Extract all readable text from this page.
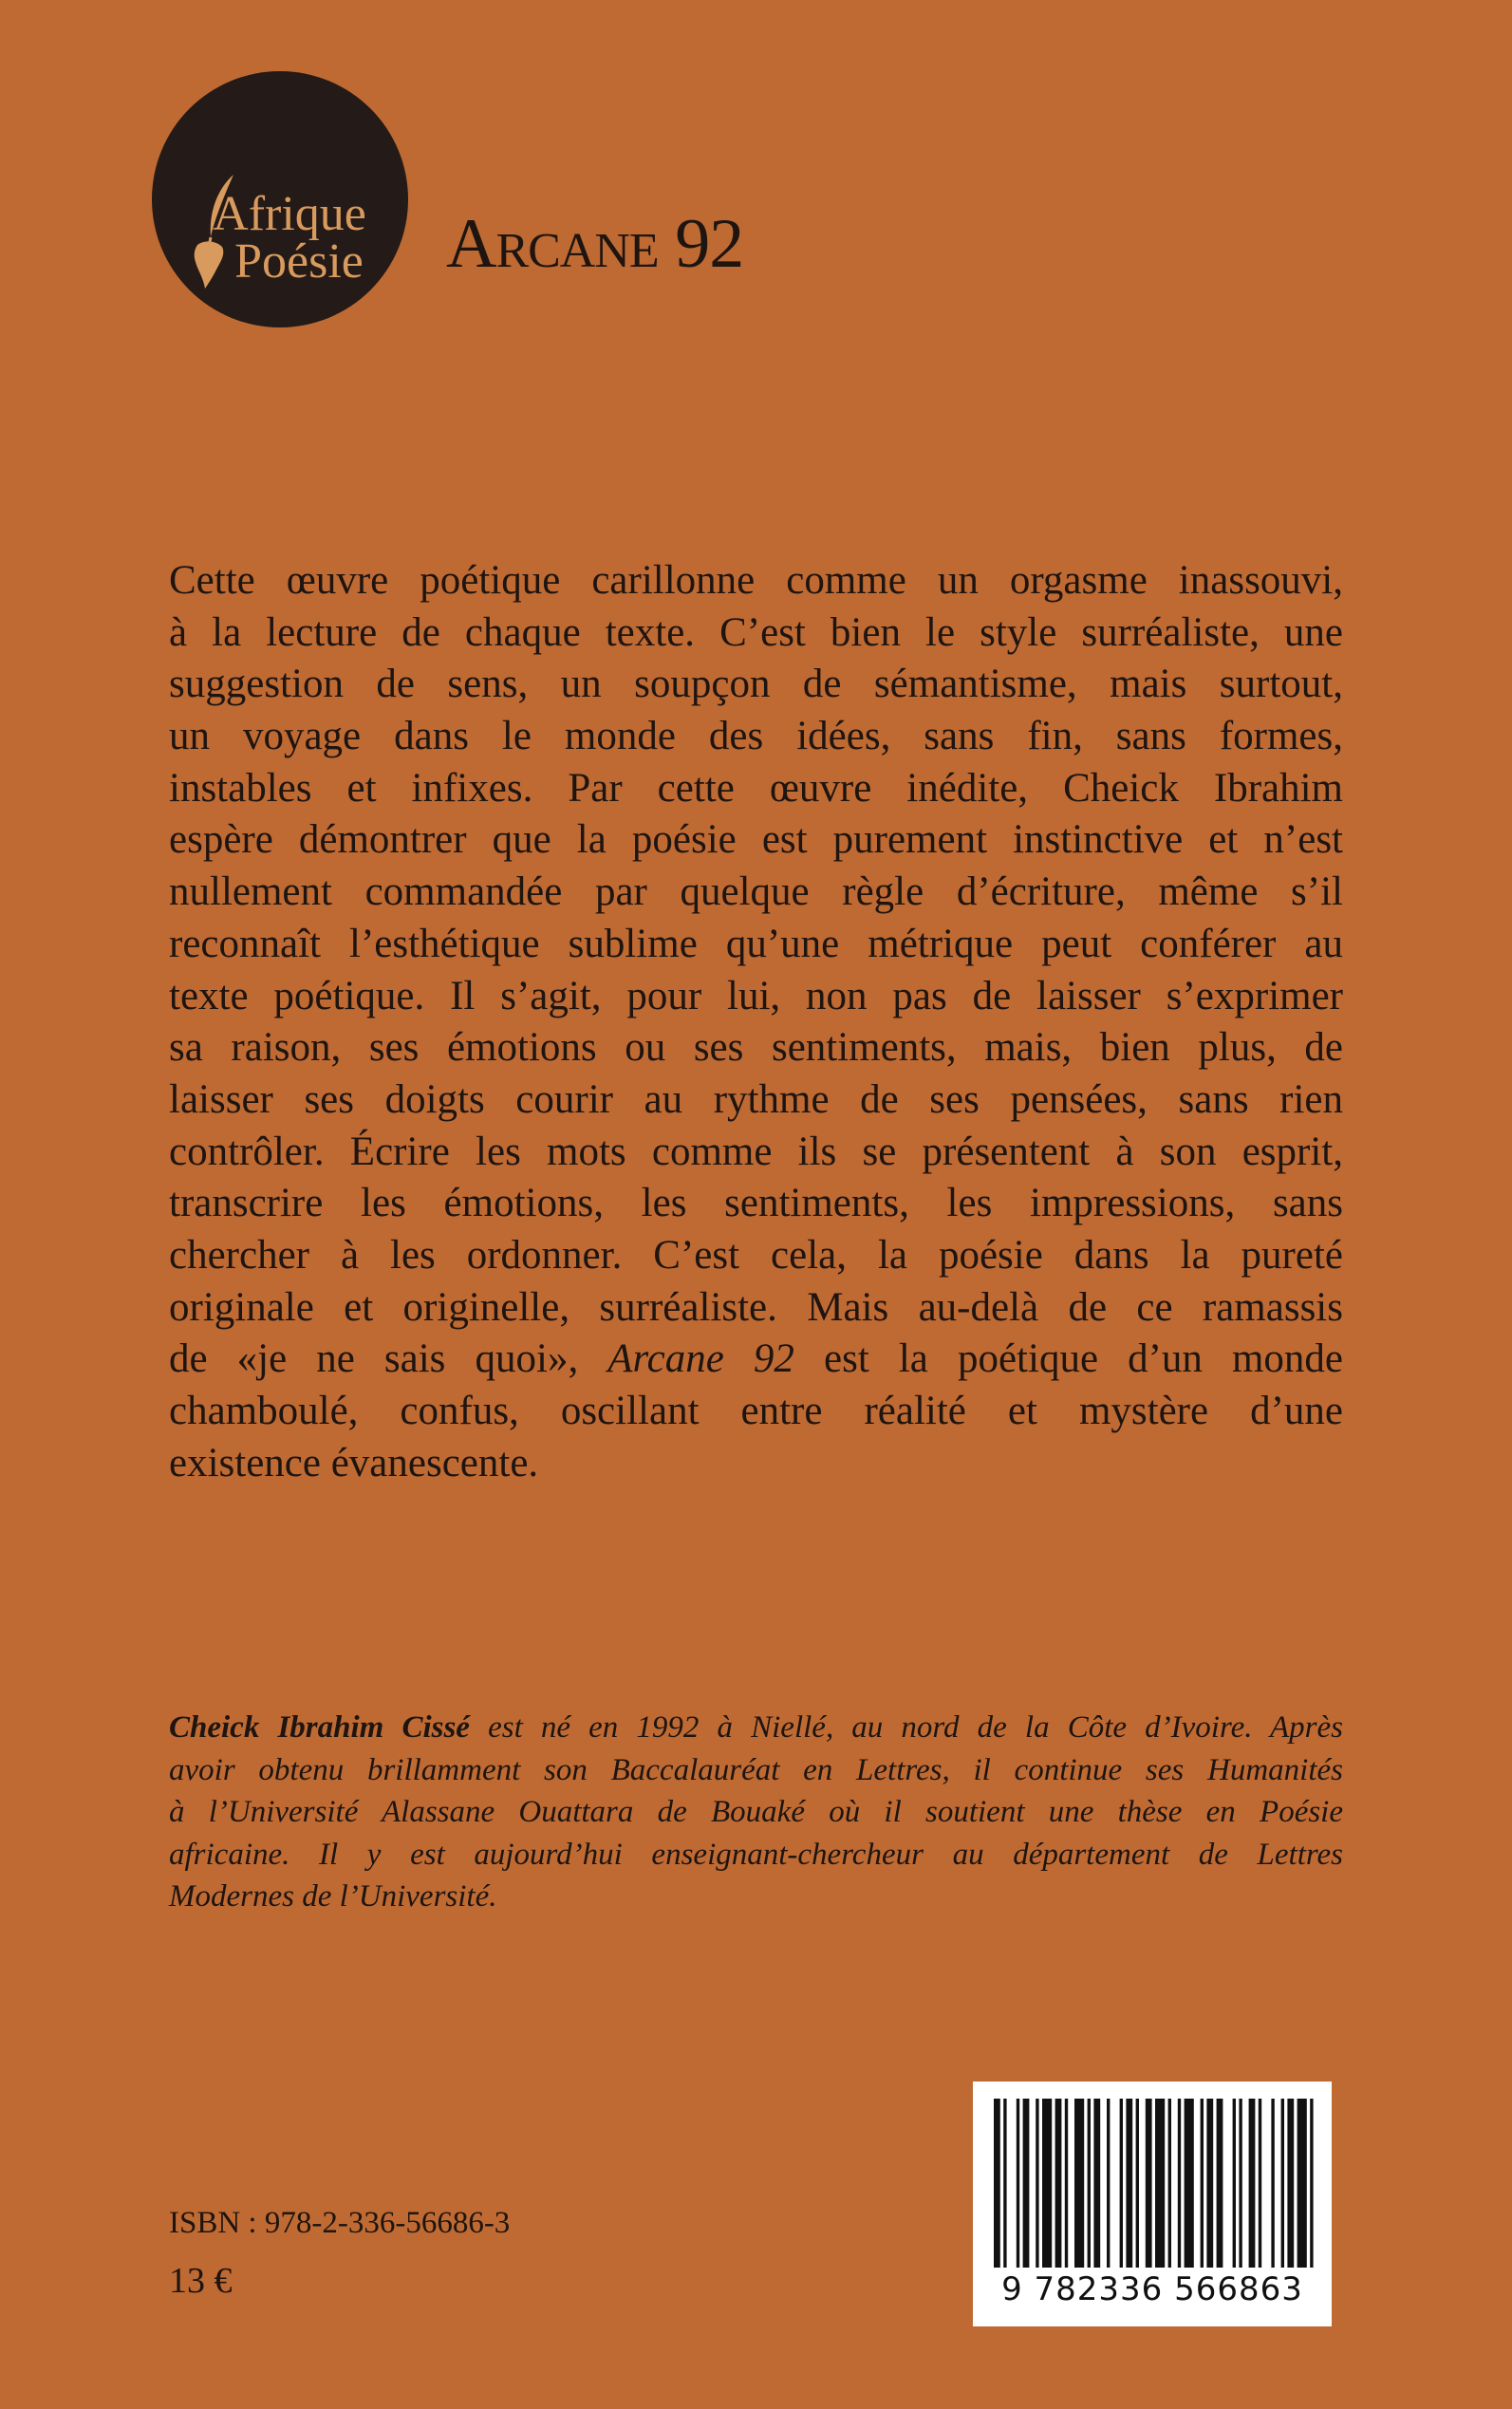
Afrique
Poésie	Arcane 92
Cette œuvre poétique carillonne comme un orgasme inassouvi,
à la lecture de chaque texte. C’est bien le style surréaliste, une
suggestion de sens, un soupçon de sémantisme, mais surtout,
un voyage dans le monde des idées, sans fin, sans formes,
instables et infixes. Par cette œuvre inédite, Cheick Ibrahim
espère démontrer que la poésie est purement instinctive et n’est
nullement commandée par quelque règle d’écriture, même s’il
reconnaît l’esthétique sublime qu’une métrique peut conférer au
texte poétique. Il s’agit, pour lui, non pas de laisser s’exprimer
sa raison, ses émotions ou ses sentiments, mais, bien plus, de
laisser ses doigts courir au rythme de ses pensées, sans rien
contrôler. Écrire les mots comme ils se présentent à son esprit,
transcrire les émotions, les sentiments, les impressions, sans
chercher à les ordonner. C’est cela, la poésie dans la pureté
originale et originelle, surréaliste. Mais au-delà de ce ramassis
de «je ne sais quoi», Arcane 92 est la poétique d’un monde
chamboulé, confus, oscillant entre réalité et mystère d’une
existence évanescente.
Cheick Ibrahim Cissé est né en 1992 à Niellé, au nord de la Côte d’Ivoire. Après
avoir obtenu brillamment son Baccalauréat en Lettres, il continue ses Humanités
à l’Université Alassane Ouattara de Bouaké où il soutient une thèse en Poésie
africaine. Il y est aujourd’hui enseignant-chercheur au département de Lettres
Modernes de l’Université.
ISBN : 978-2-336-56686-3
13 €	9 782336 566863
